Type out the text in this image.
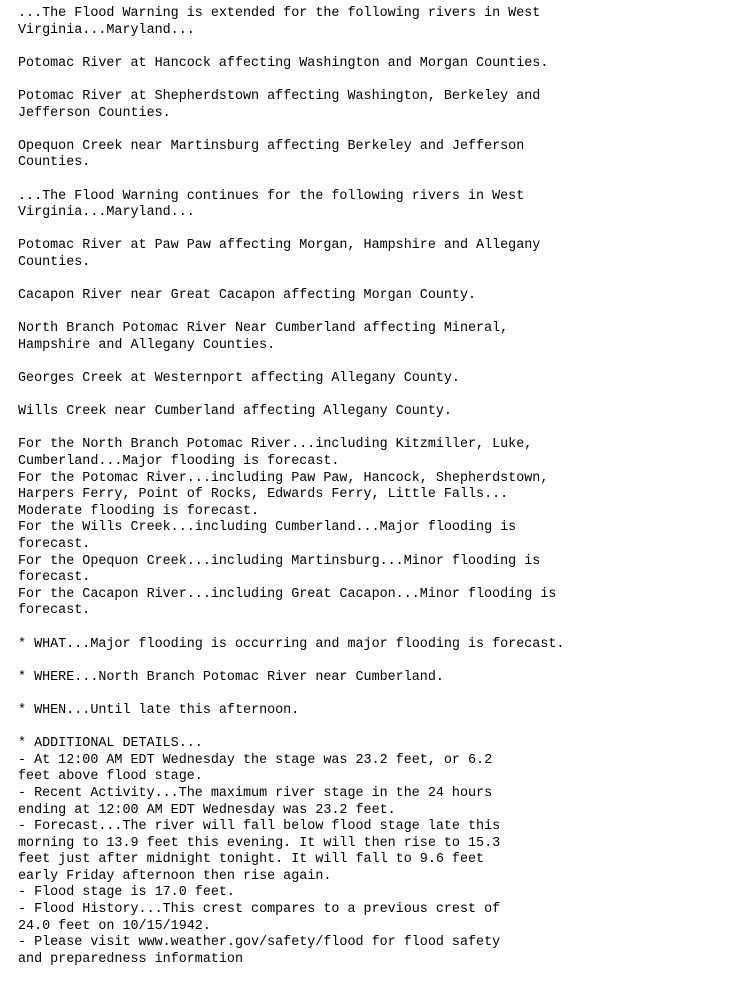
...The Flood Warning is extended for the following rivers in West
Virginia...Maryland...
Potomac River at Hancock affecting Washington and Morgan Counties.
Potomac River at Shepherdstown affecting Washington, Berkeley and
Jefferson Counties.
Opequon Creek near Martinsburg affecting Berkeley and Jefferson
Counties.
...The Flood Warning continues for the following rivers in West
Virginia...Maryland...
Potomac River at Paw Paw affecting Morgan, Hampshire and Allegany
Counties.
Cacapon River near Great Cacapon affecting Morgan County.
North Branch Potomac River Near Cumberland affecting Mineral,
Hampshire and Allegany Counties.
Georges Creek at Westernport affecting Allegany County.
Wills Creek near Cumberland affecting Allegany County.
For the North Branch Potomac River...including Kitzmiller, Luke,
Cumberland...Major flooding is forecast.
For the Potomac River...including Paw Paw, Hancock, Shepherdstown,
Harpers Ferry, Point of Rocks, Edwards Ferry, Little Falls...
Moderate flooding is forecast.
For the Wills Creek...including Cumberland...Major flooding is
forecast.
For the Opequon Creek...including Martinsburg...Minor flooding is
forecast.
For the Cacapon River...including Great Cacapon...Minor flooding is
forecast.
* WHAT...Major flooding is occurring and major flooding is forecast.
* WHERE...North Branch Potomac River near Cumberland.
* WHEN...Until late this afternoon.
* ADDITIONAL DETAILS...
- At 12:00 AM EDT Wednesday the stage was 23.2 feet, or 6.2
feet above flood stage.
- Recent Activity...The maximum river stage in the 24 hours
ending at 12:00 AM EDT Wednesday was 23.2 feet.
- Forecast...The river will fall below flood stage late this
morning to 13.9 feet this evening. It will then rise to 15.3
feet just after midnight tonight. It will fall to 9.6 feet
early Friday afternoon then rise again.
- Flood stage is 17.0 feet.
- Flood History...This crest compares to a previous crest of
24.0 feet on 10/15/1942.
- Please visit www.weather.gov/safety/flood for flood safety
and preparedness information
